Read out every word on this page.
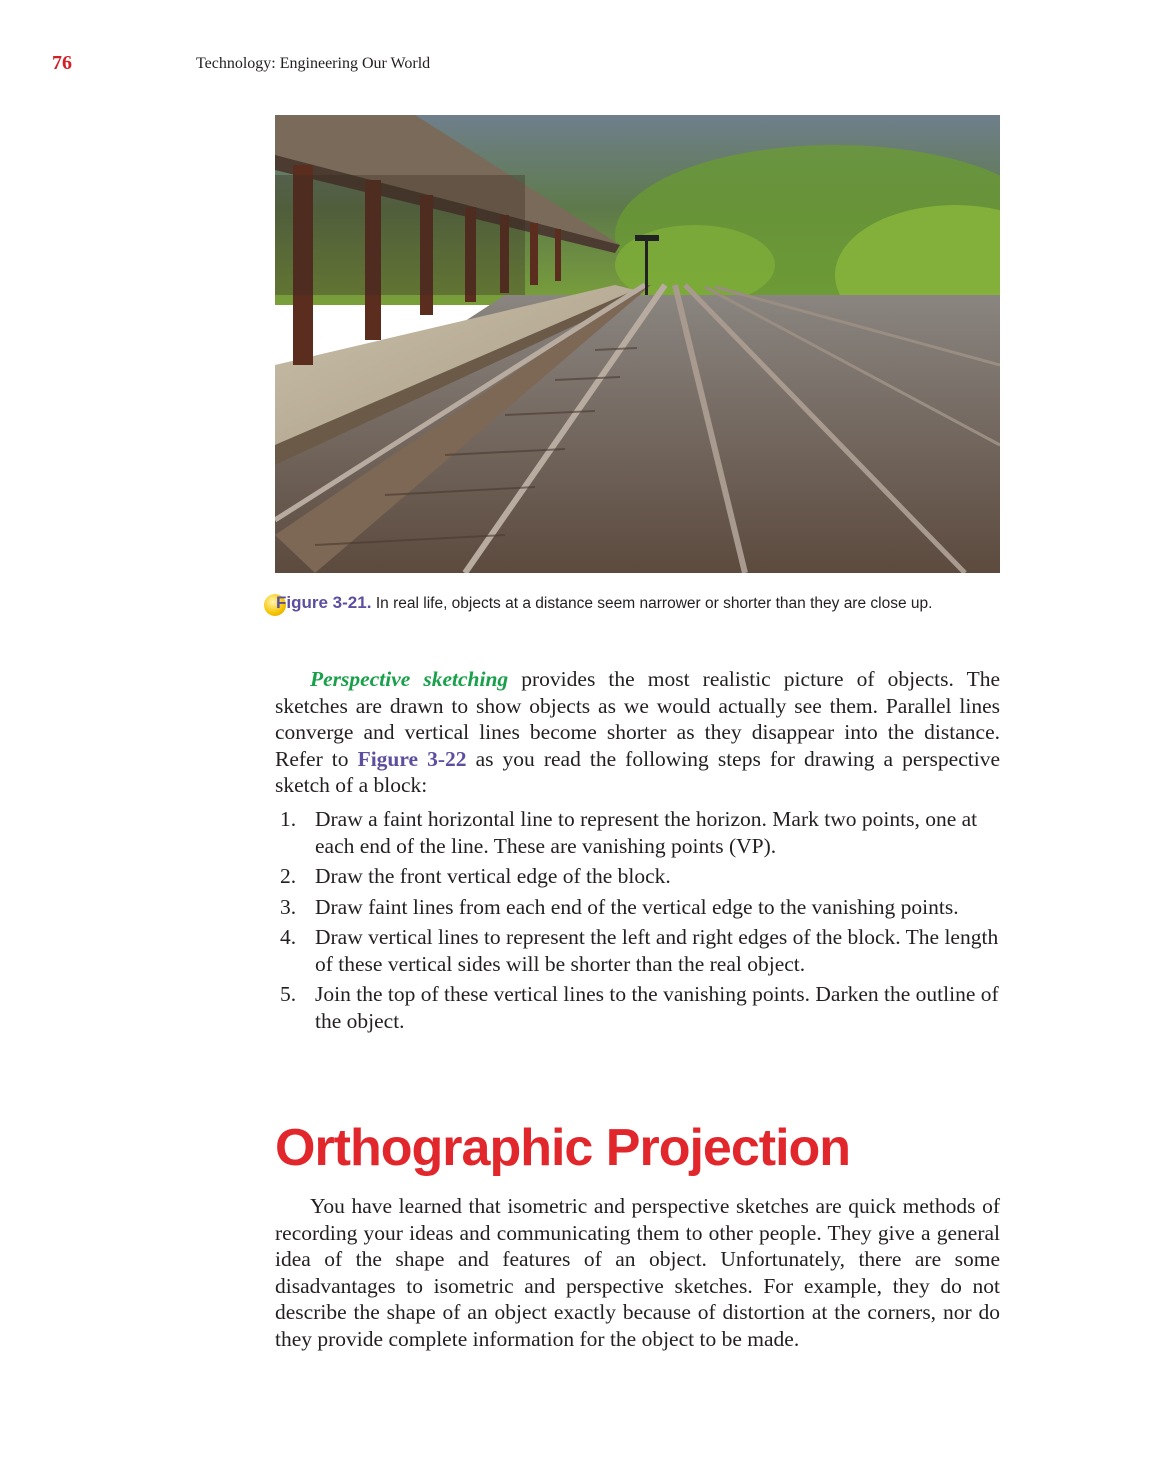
76	Technology: Engineering Our World
Figure 3-21. In real life, objects at a distance seem narrower or shorter than they are close up.
Perspective sketching provides the most realistic picture of objects. The sketches are drawn to show objects as we would actually see them. Parallel lines converge and vertical lines become shorter as they disappear into the distance. Refer to Figure 3-22 as you read the following steps for drawing a perspective sketch of a block:
1. Draw a faint horizontal line to represent the horizon. Mark two points, one at each end of the line. These are vanishing points (VP).
2. Draw the front vertical edge of the block.
3. Draw faint lines from each end of the vertical edge to the vanishing points.
4. Draw vertical lines to represent the left and right edges of the block. The length of these vertical sides will be shorter than the real object.
5. Join the top of these vertical lines to the vanishing points. Darken the outline of the object.
Orthographic Projection
You have learned that isometric and perspective sketches are quick methods of recording your ideas and communicating them to other people. They give a general idea of the shape and features of an object. Unfortunately, there are some disadvantages to isometric and perspective sketches. For example, they do not describe the shape of an object exactly because of distortion at the corners, nor do they provide complete information for the object to be made.
